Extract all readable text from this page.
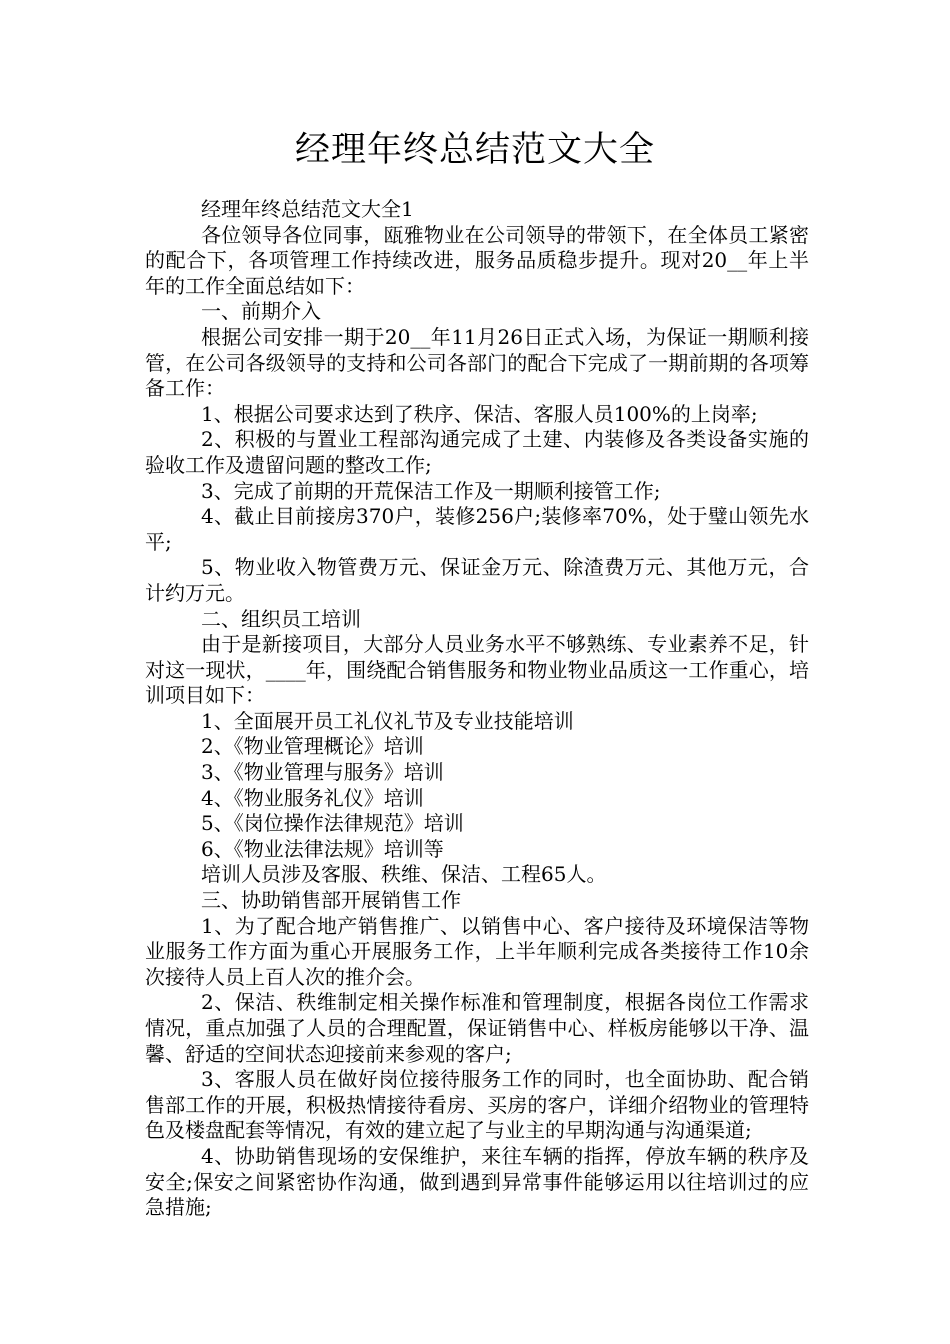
经理年终总结范文大全

经理年终总结范文大全1

各位领导各位同事，瓯雅物业在公司领导的带领下，在全体员工紧密的配合下，各项管理工作持续改进，服务品质稳步提升。现对20__年上半年的工作全面总结如下：

一、前期介入

根据公司安排一期于20__年11月26日正式入场，为保证一期顺利接管，在公司各级领导的支持和公司各部门的配合下完成了一期前期的各项筹备工作：

1、根据公司要求达到了秩序、保洁、客服人员100%的上岗率;

2、积极的与置业工程部沟通完成了土建、内装修及各类设备实施的验收工作及遗留问题的整改工作;

3、完成了前期的开荒保洁工作及一期顺利接管工作;

4、截止目前接房370户，装修256户;装修率70%，处于璧山领先水平;

5、物业收入物管费万元、保证金万元、除渣费万元、其他万元，合计约万元。

二、组织员工培训

由于是新接项目，大部分人员业务水平不够熟练、专业素养不足，针对这一现状，____年，围绕配合销售服务和物业物业品质这一工作重心，培训项目如下：

1、全面展开员工礼仪礼节及专业技能培训

2、《物业管理概论》培训

3、《物业管理与服务》培训

4、《物业服务礼仪》培训

5、《岗位操作法律规范》培训

6、《物业法律法规》培训等

培训人员涉及客服、秩维、保洁、工程65人。

三、协助销售部开展销售工作

1、为了配合地产销售推广、以销售中心、客户接待及环境保洁等物业服务工作方面为重心开展服务工作，上半年顺利完成各类接待工作10余次接待人员上百人次的推介会。

2、保洁、秩维制定相关操作标准和管理制度，根据各岗位工作需求情况，重点加强了人员的合理配置，保证销售中心、样板房能够以干净、温馨、舒适的空间状态迎接前来参观的客户;

3、客服人员在做好岗位接待服务工作的同时，也全面协助、配合销售部工作的开展，积极热情接待看房、买房的客户，详细介绍物业的管理特色及楼盘配套等情况，有效的建立起了与业主的早期沟通与沟通渠道;

4、协助销售现场的安保维护，来往车辆的指挥，停放车辆的秩序及安全;保安之间紧密协作沟通，做到遇到异常事件能够运用以往培训过的应急措施;
